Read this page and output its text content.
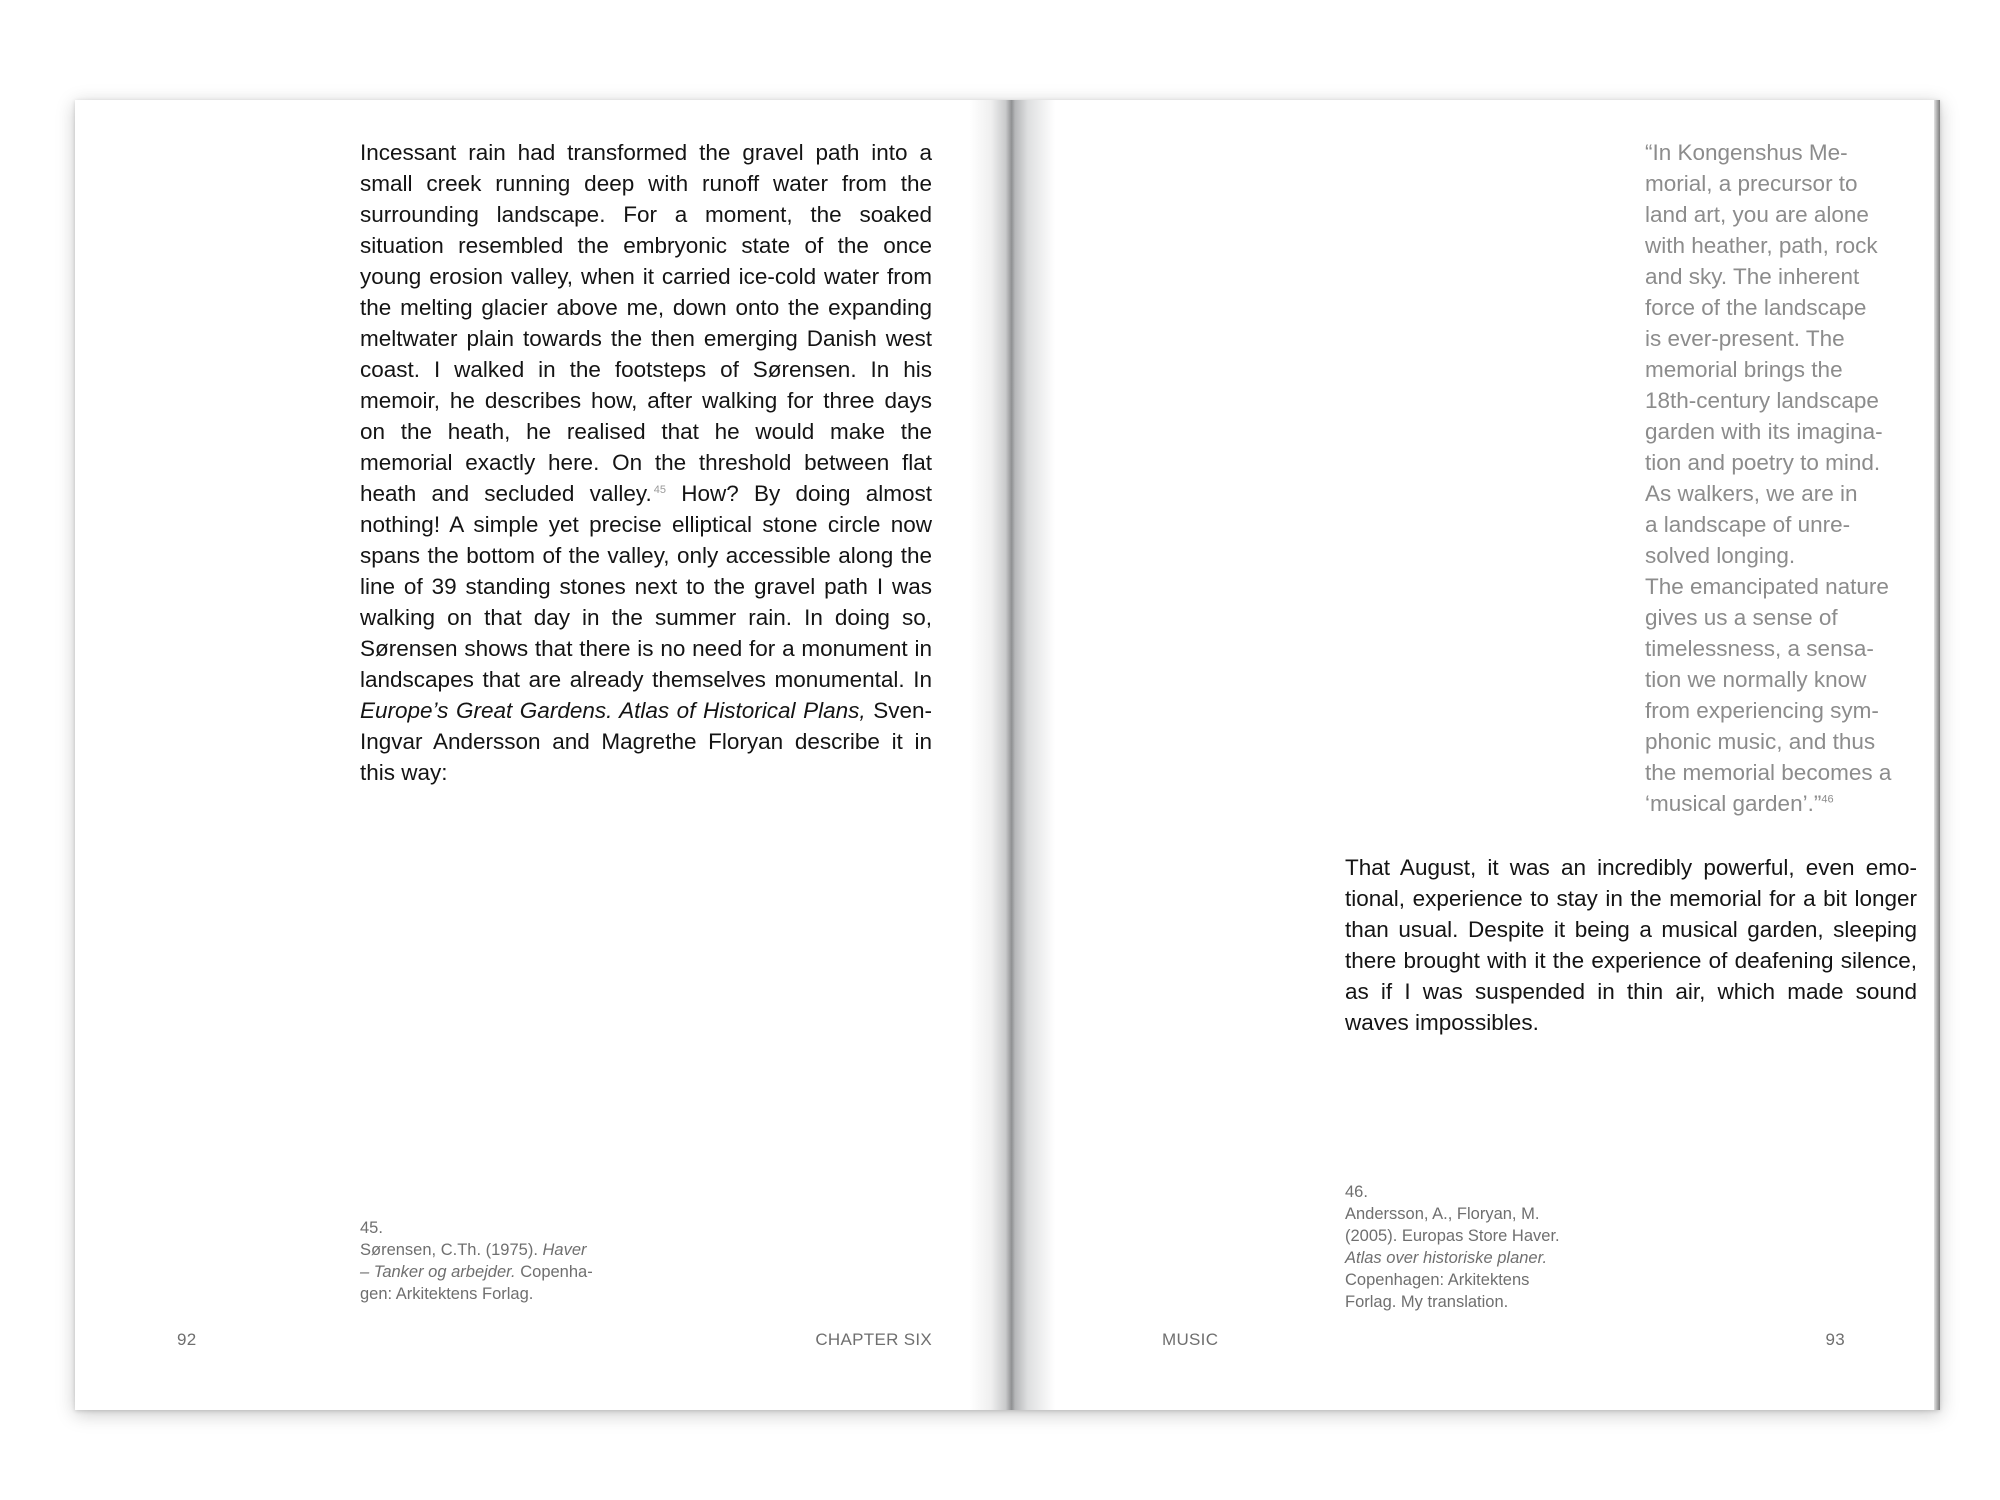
Incessant rain had transformed the gravel path into a small creek running deep with runoff water from the surrounding landscape. For a moment, the soaked situation resembled the embryonic state of the once young erosion valley, when it carried ice-cold water from the melting glacier above me, down onto the expanding meltwater plain towards the then emerging Danish west coast. I walked in the footsteps of Sørensen. In his memoir, he describes how, after walking for three days on the heath, he realised that he would make the memorial exactly here. On the threshold between flat heath and secluded valley. $^{45}$ How? By doing almost nothing! A simple yet precise elliptical stone circle now spans the bottom of the valley, only accessible along the line of 39 standing stones next to the gravel path I was walking on that day in the summer rain. In doing so, Sørensen shows that there is no need for a monument in landscapes that are already themselves monumental. In Europe’s Great Gardens. Atlas of Historical Plans, Sven-Ingvar Andersson and Magrethe Floryan describe it in this way:
45.
Sørensen, C.Th. (1975). Haver
– Tanker og arbejder. Copenha-
gen: Arkitektens Forlag.
92	CHAPTER SIX
“In Kongenshus Me-
morial, a precursor to
land art, you are alone
with heather, path, rock
and sky. The inherent
force of the landscape
is ever-present. The
memorial brings the
18th-century landscape
garden with its imagina-
tion and poetry to mind.
As walkers, we are in
a landscape of unre-
solved longing.
The emancipated nature
gives us a sense of
timelessness, a sensa-
tion we normally know
from experiencing sym-
phonic music, and thus
the memorial becomes a
‘musical garden’.”$^{46}$
That August, it was an incredibly powerful, even emotional, experience to stay in the memorial for a bit longer than usual. Despite it being a musical garden, sleeping there brought with it the experience of deafening silence, as if I was suspended in thin air, which made sound waves impossibles.
46.
Andersson, A., Floryan, M.
(2005). Europas Store Haver.
Atlas over historiske planer.
Copenhagen: Arkitektens
Forlag. My translation.
MUSIC	93
